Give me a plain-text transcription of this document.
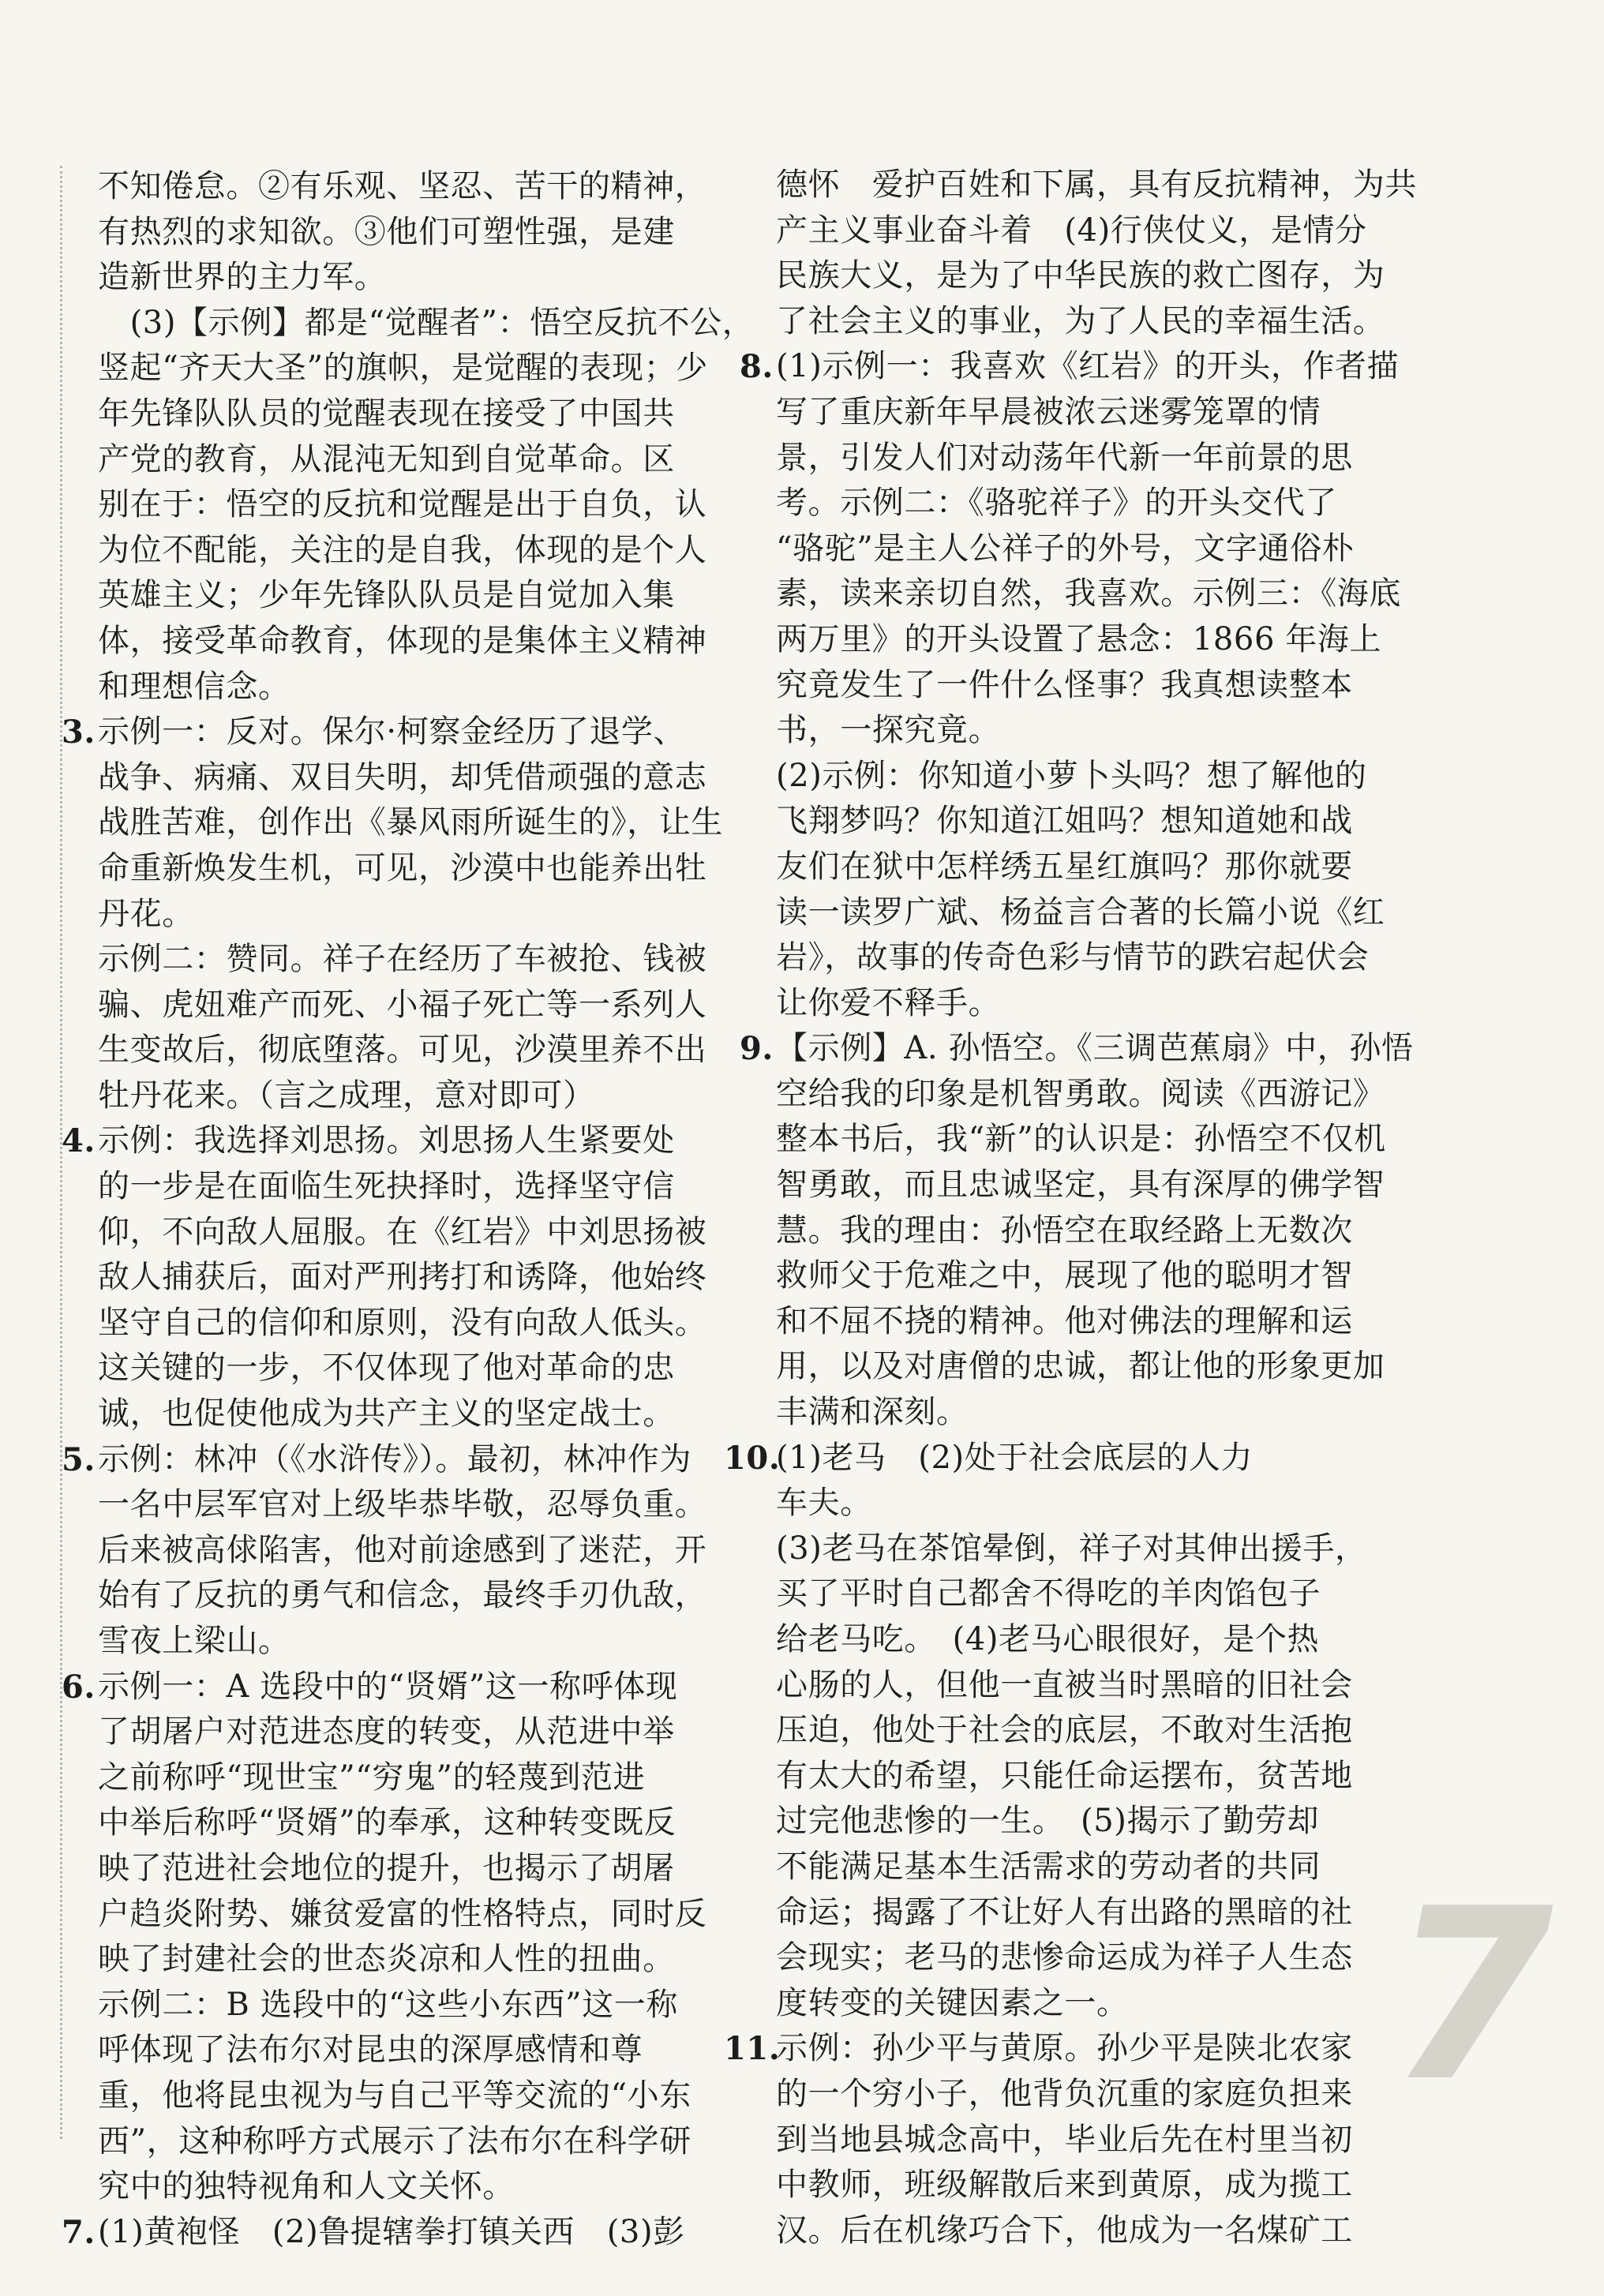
不知倦怠。②有乐观、坚忍、苦干的精神，
有热烈的求知欲。③他们可塑性强，是建
造新世界的主力军。
　(3)【示例】都是“觉醒者”：悟空反抗不公，
竖起“齐天大圣”的旗帜，是觉醒的表现；少
年先锋队队员的觉醒表现在接受了中国共
产党的教育，从混沌无知到自觉革命。区
别在于：悟空的反抗和觉醒是出于自负，认
为位不配能，关注的是自我，体现的是个人
英雄主义；少年先锋队队员是自觉加入集
体，接受革命教育，体现的是集体主义精神
和理想信念。
3. 示例一：反对。保尔·柯察金经历了退学、
战争、病痛、双目失明，却凭借顽强的意志
战胜苦难，创作出《暴风雨所诞生的》，让生
命重新焕发生机，可见，沙漠中也能养出牡
丹花。
示例二：赞同。祥子在经历了车被抢、钱被
骗、虎妞难产而死、小福子死亡等一系列人
生变故后，彻底堕落。可见，沙漠里养不出
牡丹花来。（言之成理，意对即可）
4. 示例：我选择刘思扬。刘思扬人生紧要处
的一步是在面临生死抉择时，选择坚守信
仰，不向敌人屈服。在《红岩》中刘思扬被
敌人捕获后，面对严刑拷打和诱降，他始终
坚守自己的信仰和原则，没有向敌人低头。
这关键的一步，不仅体现了他对革命的忠
诚，也促使他成为共产主义的坚定战士。
5. 示例：林冲（《水浒传》）。最初，林冲作为
一名中层军官对上级毕恭毕敬，忍辱负重。
后来被高俅陷害，他对前途感到了迷茫，开
始有了反抗的勇气和信念，最终手刃仇敌，
雪夜上梁山。
6. 示例一：A 选段中的“贤婿”这一称呼体现
了胡屠户对范进态度的转变，从范进中举
之前称呼“现世宝”“穷鬼”的轻蔑到范进
中举后称呼“贤婿”的奉承，这种转变既反
映了范进社会地位的提升，也揭示了胡屠
户趋炎附势、嫌贫爱富的性格特点，同时反
映了封建社会的世态炎凉和人性的扭曲。
示例二：B 选段中的“这些小东西”这一称
呼体现了法布尔对昆虫的深厚感情和尊
重，他将昆虫视为与自己平等交流的“小东
西”，这种称呼方式展示了法布尔在科学研
究中的独特视角和人文关怀。
7. (1)黄袍怪　(2)鲁提辖拳打镇关西　(3)彭
德怀　爱护百姓和下属，具有反抗精神，为共
产主义事业奋斗着　(4)行侠仗义，是情分
民族大义，是为了中华民族的救亡图存，为
了社会主义的事业，为了人民的幸福生活。
8. (1)示例一：我喜欢《红岩》的开头，作者描
写了重庆新年早晨被浓云迷雾笼罩的情
景，引发人们对动荡年代新一年前景的思
考。示例二：《骆驼祥子》的开头交代了
“骆驼”是主人公祥子的外号，文字通俗朴
素，读来亲切自然，我喜欢。示例三：《海底
两万里》的开头设置了悬念：1866 年海上
究竟发生了一件什么怪事？我真想读整本
书，一探究竟。
(2)示例：你知道小萝卜头吗？想了解他的
飞翔梦吗？你知道江姐吗？想知道她和战
友们在狱中怎样绣五星红旗吗？那你就要
读一读罗广斌、杨益言合著的长篇小说《红
岩》，故事的传奇色彩与情节的跌宕起伏会
让你爱不释手。
9. 【示例】A. 孙悟空。《三调芭蕉扇》中，孙悟
空给我的印象是机智勇敢。阅读《西游记》
整本书后，我“新”的认识是：孙悟空不仅机
智勇敢，而且忠诚坚定，具有深厚的佛学智
慧。我的理由：孙悟空在取经路上无数次
救师父于危难之中，展现了他的聪明才智
和不屈不挠的精神。他对佛法的理解和运
用，以及对唐僧的忠诚，都让他的形象更加
丰满和深刻。
10.
(1)老马　(2)处于社会底层的人力
车夫。
(3)老马在茶馆晕倒，祥子对其伸出援手，
买了平时自己都舍不得吃的羊肉馅包子
给老马吃。　(4)老马心眼很好，是个热
心肠的人，但他一直被当时黑暗的旧社会
压迫，他处于社会的底层，不敢对生活抱
有太大的希望，只能任命运摆布，贫苦地
过完他悲惨的一生。　(5)揭示了勤劳却
不能满足基本生活需求的劳动者的共同
命运；揭露了不让好人有出路的黑暗的社
会现实；老马的悲惨命运成为祥子人生态
度转变的关键因素之一。
11.
示例：孙少平与黄原。孙少平是陕北农家
的一个穷小子，他背负沉重的家庭负担来
到当地县城念高中，毕业后先在村里当初
中教师，班级解散后来到黄原，成为揽工
汉。后在机缘巧合下，他成为一名煤矿工
7
